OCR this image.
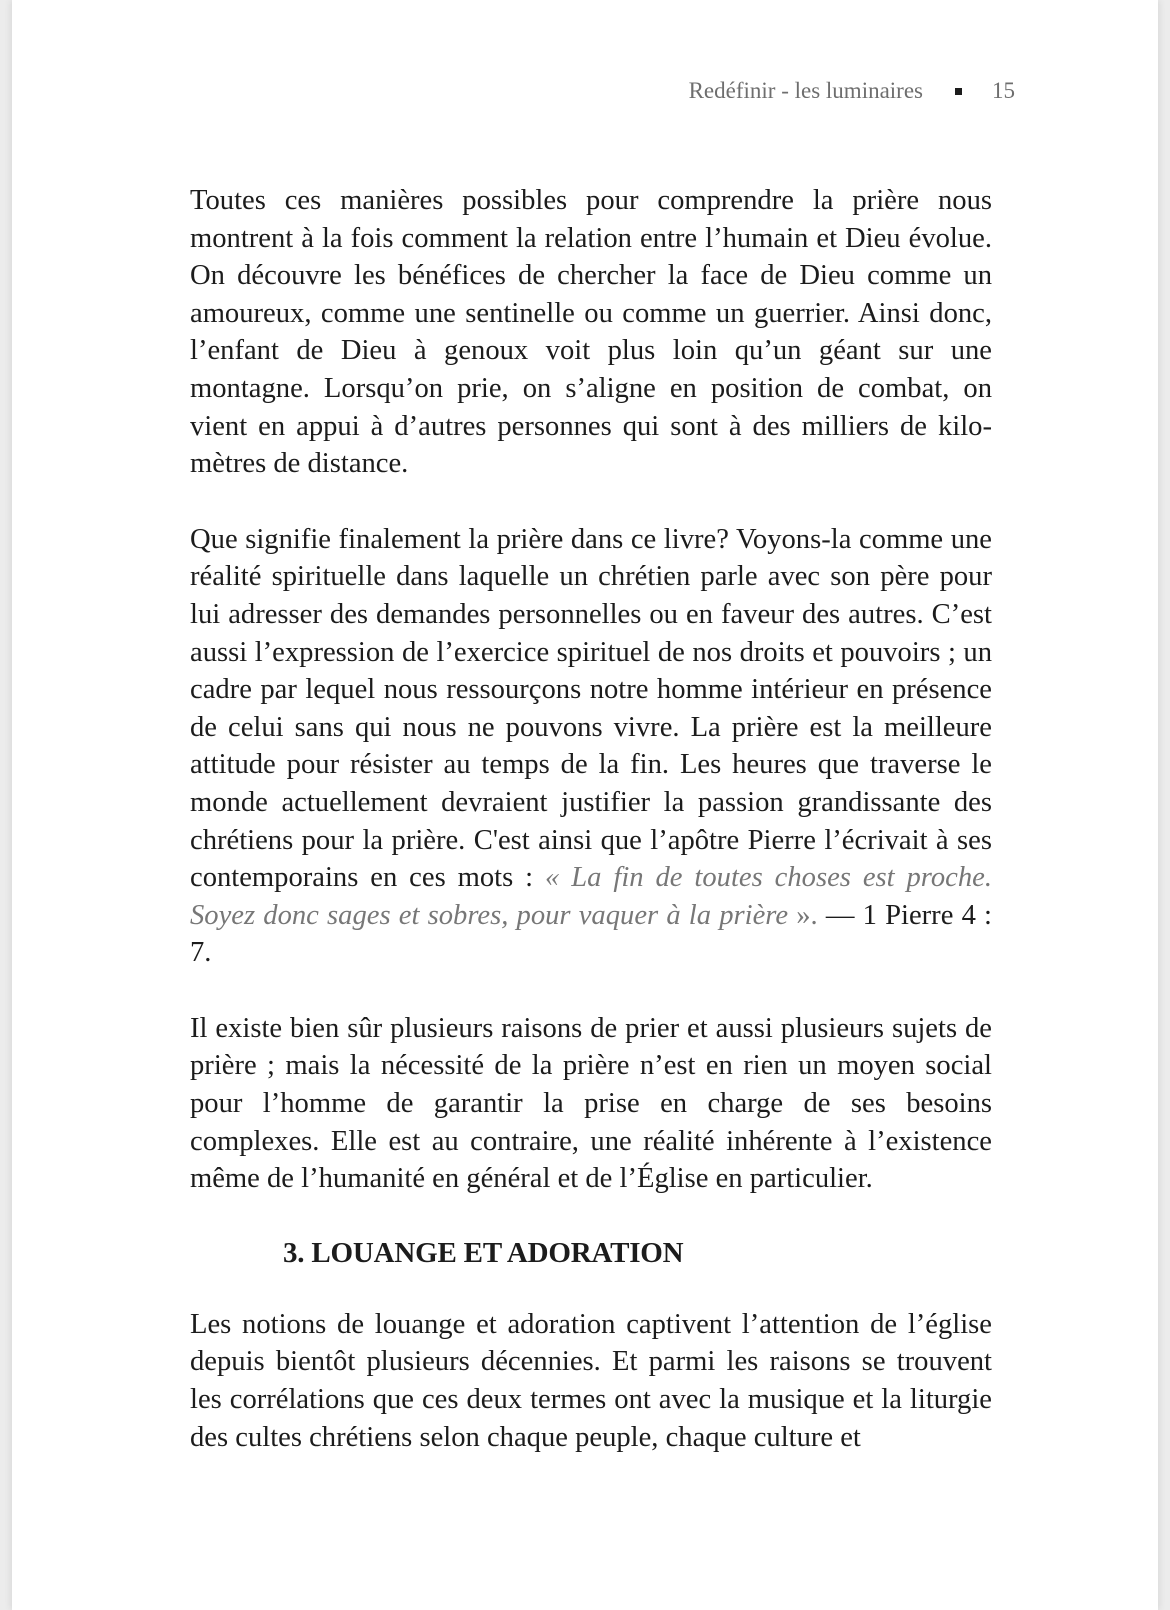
Redéfinir - les luminaires	15

Toutes ces manières possibles pour comprendre la prière nous montrent à la fois comment la relation entre l’humain et Dieu évolue. On découvre les bénéfices de chercher la face de Dieu comme un amoureux, comme une sentinelle ou comme un guerrier. Ainsi donc, l’enfant de Dieu à genoux voit plus loin qu’un géant sur une montagne. Lorsqu’on prie, on s’aligne en position de combat, on vient en appui à d’autres personnes qui sont à des milliers de kilomètres de distance.

Que signifie finalement la prière dans ce livre? Voyons-la comme une réalité spirituelle dans laquelle un chrétien parle avec son père pour lui adresser des demandes personnelles ou en faveur des autres. C’est aussi l’expression de l’exercice spirituel de nos droits et pouvoirs ; un cadre par lequel nous ressourçons notre homme intérieur en présence de celui sans qui nous ne pouvons vivre. La prière est la meilleure attitude pour résister au temps de la fin. Les heures que traverse le monde actuellement devraient justifier la passion grandissante des chrétiens pour la prière. C'est ainsi que l’apôtre Pierre l’écrivait à ses contemporains en ces mots : « La fin de toutes choses est proche. Soyez donc sages et sobres, pour vaquer à la prière ». — 1 Pierre 4 : 7.

Il existe bien sûr plusieurs raisons de prier et aussi plusieurs sujets de prière ; mais la nécessité de la prière n’est en rien un moyen social pour l’homme de garantir la prise en charge de ses besoins complexes. Elle est au contraire, une réalité inhérente à l’existence même de l’humanité en général et de l’Église en particulier.

3. LOUANGE ET ADORATION

Les notions de louange et adoration captivent l’attention de l’église depuis bientôt plusieurs décennies. Et parmi les raisons se trouvent les corrélations que ces deux termes ont avec la musique et la liturgie des cultes chrétiens selon chaque peuple, chaque culture et
